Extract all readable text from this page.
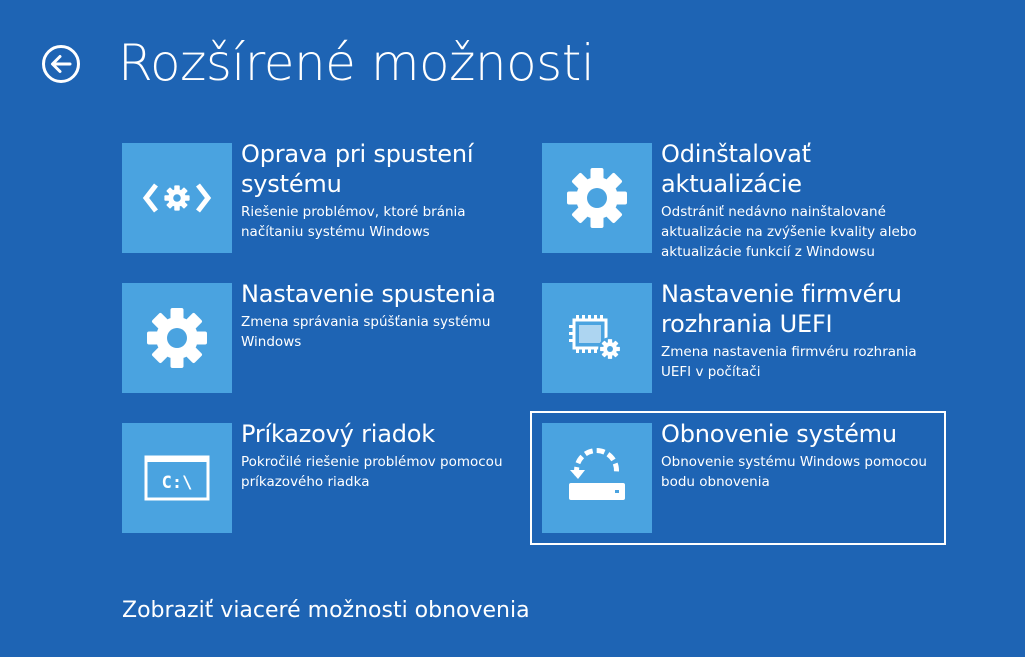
Rozšírené možnosti
Oprava pri spustení systému
Riešenie problémov, ktoré bránia načítaniu systému Windows
Odinštalovať aktualizácie
Odstrániť nedávno nainštalované aktualizácie na zvýšenie kvality alebo aktualizácie funkcií z Windowsu
Nastavenie spustenia
Zmena správania spúšťania systému Windows
Nastavenie firmvéru rozhrania UEFI
Zmena nastavenia firmvéru rozhrania UEFI v počítači
C:\
Príkazový riadok
Pokročilé riešenie problémov pomocou príkazového riadka
Obnovenie systému
Obnovenie systému Windows pomocou bodu obnovenia
Zobraziť viaceré možnosti obnovenia
